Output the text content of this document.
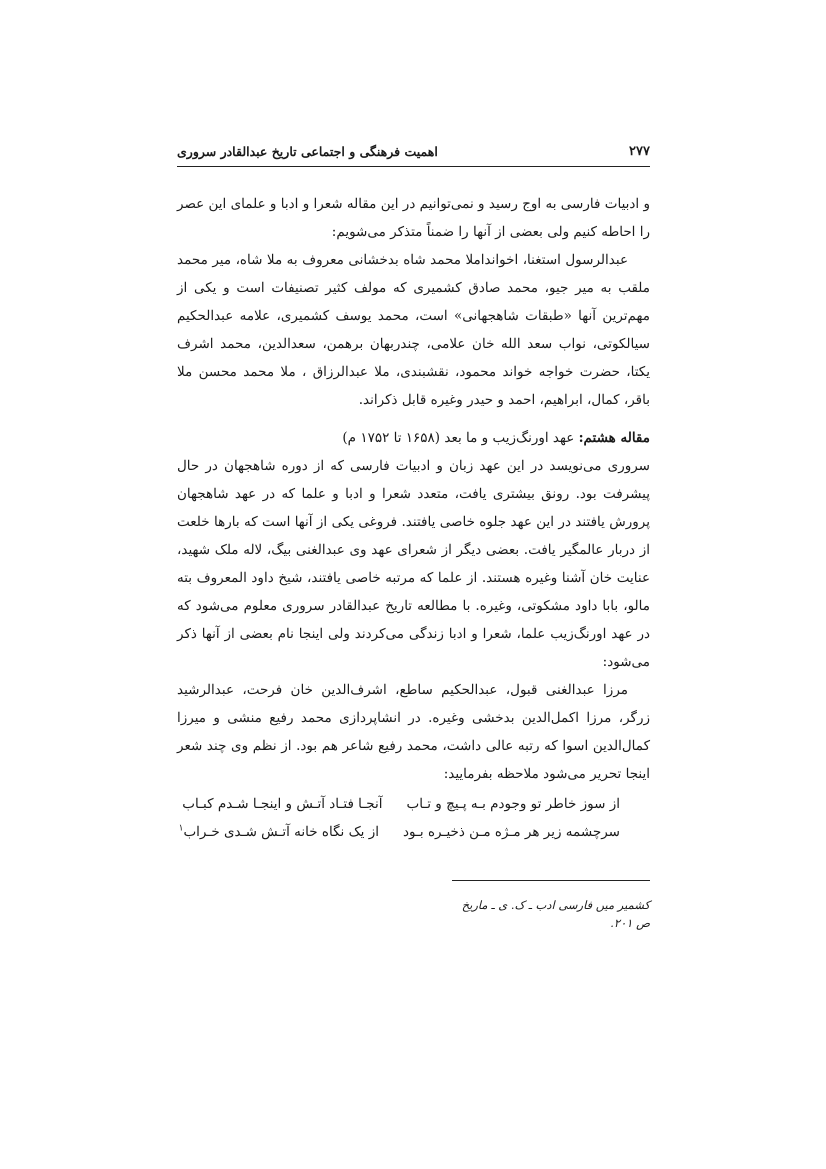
۲۷۷
اهمیت فرهنگی و اجتماعی تاریخ عبدالقادر سروری

و ادبیات فارسی به اوج رسید و نمی‌توانیم در این مقاله شعرا و ادبا و علمای این عصر را احاطه کنیم ولی بعضی از آنها را ضمناً متذکر می‌شویم:

عبدالرسول استغنا، اخوانداملا محمد شاه بدخشانی معروف به ملا شاه، میر محمد ملقب به میر جیو، محمد صادق کشمیری که مولف کثیر تصنیفات است و یکی از مهم‌ترین آنها «طبقات شاهجهانی» است، محمد یوسف کشمیری، علامه عبدالحکیم سیالکوتی، نواب سعد الله خان علامی، چندربهان برهمن، سعدالدین، محمد اشرف یکتا، حضرت خواجه خواند محمود، نقشبندی، ملا عبدالرزاق ، ملا محمد محسن ملا باقر، کمال، ابراهیم، احمد و حیدر وغیره قابل ذکراند.

مقاله هشتم: عهد اورنگ‌زیب و ما بعد (۱۶۵۸ تا ۱۷۵۲ م)

سروری می‌نویسد در این عهد زبان و ادبیات فارسی که از دوره شاهجهان در حال پیشرفت بود. رونق بیشتری یافت، متعدد شعرا و ادبا و علما که در عهد شاهجهان پرورش یافتند در این عهد جلوه خاصی یافتند. فروغی یکی از آنها است که بارها خلعت از دربار عالمگیر یافت. بعضی دیگر از شعرای عهد وی عبدالغنی بیگ، لاله ملک شهید، عنایت خان آشنا وغیره هستند. از علما که مرتبه خاصی یافتند، شیخ داود المعروف بته مالو، بابا داود مشکوتی، وغیره. با مطالعه تاریخ عبدالقادر سروری معلوم می‌شود که در عهد اورنگ‌زیب علما، شعرا و ادبا زندگی می‌کردند ولی اینجا نام بعضی از آنها ذکر می‌شود:

مرزا عبدالغنی قبول، عبدالحکیم ساطع، اشرف‌الدین خان فرحت، عبدالرشید زرگر، مرزا اکمل‌الدین بدخشی وغیره. در انشاپردازی محمد رفیع منشی و میرزا کمال‌الدین اسوا که رتبه عالی داشت، محمد رفیع شاعر هم بود. از نظم وی چند شعر اینجا تحریر می‌شود ملاحظه بفرمایید:

از سوز خاطر تو وجودم بـه پـیچ و تـاب
آنجـا فتـاد آتـش و اینجـا شـدم کبـاب
سرچشمه زیر هر مـژه مـن ذخیـره بـود
از یک نگاه خانه آتـش شـدی خـراب$^۱$
کشمیر میں فارسی ادب ـ ک. ی ـ ماریخ ص ۲۰۱.
